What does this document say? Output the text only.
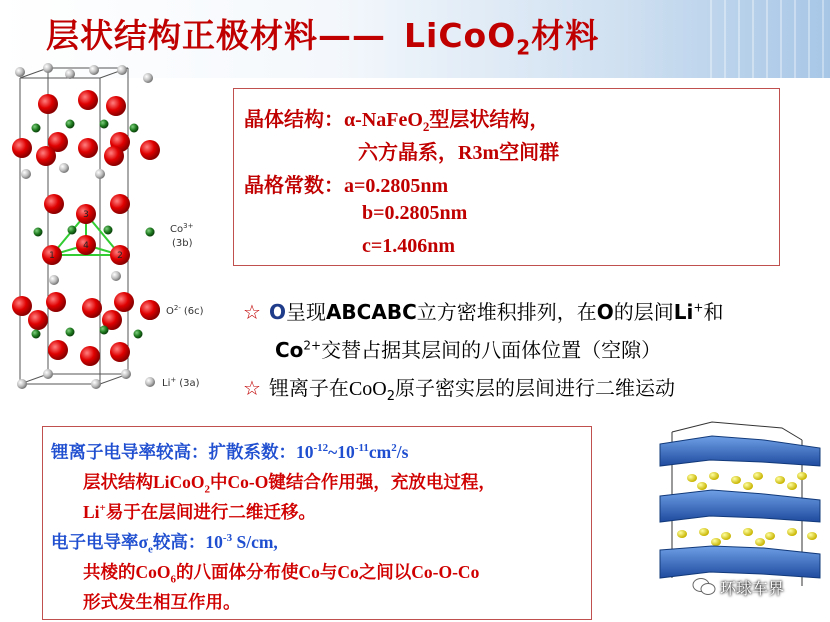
层状结构正极材料—— LiCoO$_2$材料
3
1
4
2
$Co^{3+}$
(3b)
$O^{2-}$ (6c)
Li+ (3a)
晶体结构：α-NaFeO$_2$型层状结构，
六方晶系，R3m空间群
晶格常数：a=0.2805nm
b=0.2805nm
c=1.406nm
☆ O呈现ABCABC立方密堆积排列，在O的层间Li+和
$Co^{2+}$交替占据其层间的八面体位置（空隙）
☆ 锂离子在CoO$_2$原子密实层的层间进行二维运动
锂离子电导率较高：扩散系数：$10^{-12}\sim 10^{-11}cm^2/s$
层状结构LiCoO$_2$中Co-O键结合作用强，充放电过程，
Li+易于在层间进行二维迁移。
电子电导率$\sigma_e$较高：$10^{-3}$ S/cm,
共棱的CoO$_6$的八面体分布使Co与Co之间以Co-O-Co
形式发生相互作用。
环球车界
